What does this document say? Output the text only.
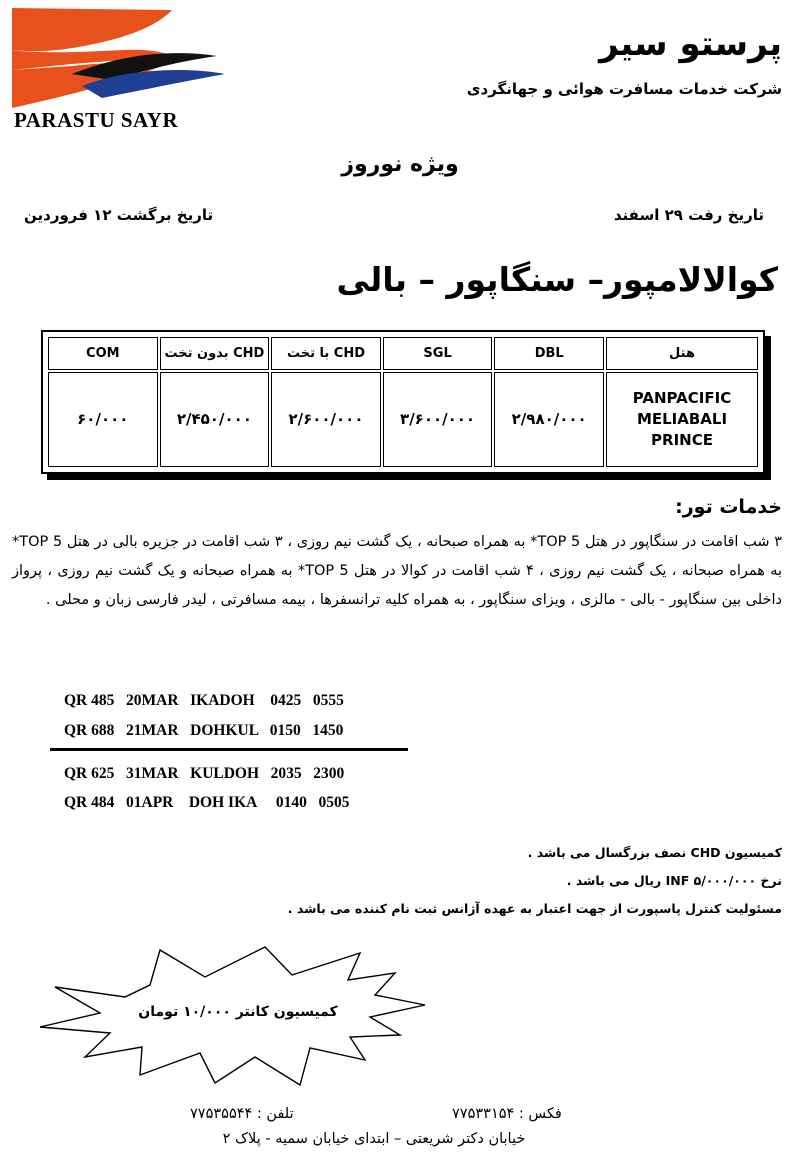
PARASTU SAYR
پرستو سیر
شرکت خدمات مسافرت هوائی و جهانگردی
ویژه نوروز
تاریخ رفت ۲۹ اسفند
تاریخ برگشت ۱۲ فروردین
کوالالامپور– سنگاپور – بالی
COM	CHD بدون تخت	CHD با تخت	SGL	DBL	هتل
۶۰/۰۰۰	۲/۴۵۰/۰۰۰	۲/۶۰۰/۰۰۰	۳/۶۰۰/۰۰۰	۲/۹۸۰/۰۰۰	PANPACIFIC
MELIABALI
PRINCE
خدمات تور:
۳ شب اقامت در سنگاپور در هتل TOP 5* به همراه صبحانه ، یک گشت نیم روزی ، ۳ شب اقامت در جزیره بالی در هتل TOP 5* به همراه صبحانه ، یک گشت نیم روزی ، ۴ شب اقامت در کوالا در هتل TOP 5* به همراه صبحانه و یک گشت نیم روزی ، پرواز داخلی بین سنگاپور - بالی - مالزی ، ویزای سنگاپور ، به همراه کلیه ترانسفرها ، بیمه مسافرتی ، لیدر فارسی زبان و محلی .
QR 485   20MAR   IKADOH    0425   0555
QR 688   21MAR   DOHKUL   0150   1450
QR 625   31MAR   KULDOH   2035   2300
QR 484   01APR    DOH IKA     0140   0505
کمیسیون CHD نصف بزرگسال می باشد .
نرخ INF ۵/۰۰۰/۰۰۰ ریال می باشد .
مسئولیت کنترل پاسپورت از جهت اعتبار به عهده آژانس ثبت نام کننده می باشد .
کمیسیون کانتر ۱۰/۰۰۰ تومان
فکس : ۷۷۵۳۳۱۵۴
تلفن : ۷۷۵۳۵۵۴۴
خیابان دکتر شریعتی – ابتدای خیابان سمیه - پلاک ۲
